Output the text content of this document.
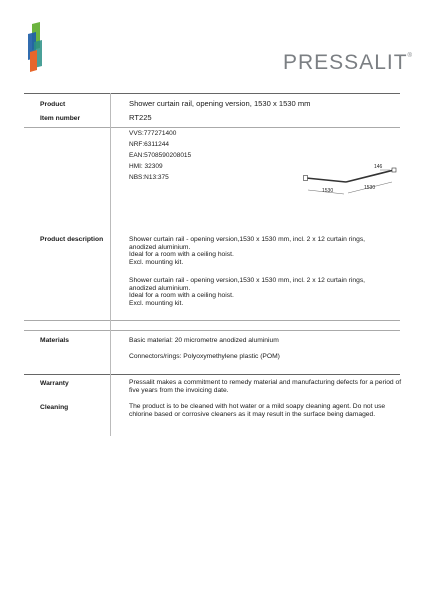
PRESSALIT®
Product	Shower curtain rail, opening version, 1530 x 1530 mm
Item number	RT225
VVS:777271400
NRF:6311244
EAN:5708590208015
HMI: 32309
NBS:N13:375
146
1530	1530
Product description	Shower curtain rail - opening version,1530 x 1530 mm, incl. 2 x 12 curtain rings,
anodized aluminium.
Ideal for a room with a ceiling hoist.
Excl. mounting kit.
Shower curtain rail - opening version,1530 x 1530 mm, incl. 2 x 12 curtain rings,
anodized aluminium.
Ideal for a room with a ceiling hoist.
Excl. mounting kit.
Materials	Basic material: 20 micrometre anodized aluminium
Connectors/rings: Polyoxymethylene plastic (POM)
Warranty	Pressalit makes a commitment to remedy material and manufacturing defects for a period of five years from the invoicing date.
Cleaning	The product is to be cleaned with hot water or a mild soapy cleaning agent. Do not use chlorine based or corrosive cleaners as it may result in the surface being damaged.
